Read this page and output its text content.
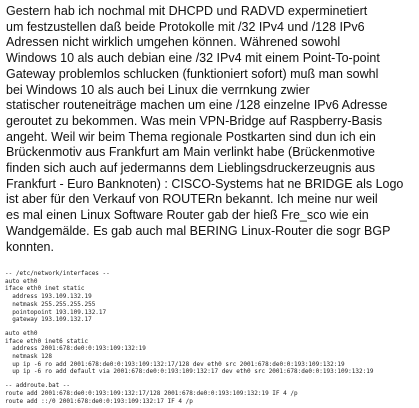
Gestern hab ich nochmal mit DHCPD und RADVD experminetiert
um festzustellen daß beide Protokolle mit /32 IPv4 und /128 IPv6
Adressen nicht wirklich umgehen können. Währened sowohl
Windows 10 als auch debian eine /32 IPv4 mit einem Point-To-point
Gateway problemlos schlucken (funktioniert sofort) muß man sowhl
bei Windows 10 als auch bei Linux die verrnkung zwier
statischer routeneiträge machen um eine /128 einzelne IPv6 Adresse
geroutet zu bekommen. Was mein VPN-Bridge auf Raspberry-Basis
angeht. Weil wir beim Thema regionale Postkarten sind dun ich ein
Brückenmotiv aus Frankfurt am Main verlinkt habe (Brückenmotive
finden sich auch auf jedermanns dem Lieblingsdruckerzeugnis aus
Frankfurt - Euro Banknoten) : CISCO-Systems hat ne BRIDGE als Logo
ist aber für den Verkauf von ROUTERn bekannt. Ich meine nur weil
es mal einen Linux Software Router gab der hieß Fre_sco wie ein
Wandgemälde. Es gab auch mal BERING Linux-Router die sogr BGP
konnten.
-- /etc/network/interfaces --
auto eth0
iface eth0 inet static
address 193.109.132.19
netmask 255.255.255.255
pointopoint 193.109.132.17
gateway 193.109.132.17

auto eth0
iface eth0 inet6 static
address 2001:678:de0:0:193:109:132:19
netmask 128
up ip -6 ro add 2001:678:de0:0:193:109:132:17/128 dev eth0 src 2001:678:de0:0:193:109:132:19
up ip -6 ro add default via 2001:678:de0:0:193:109:132:17 dev eth0 src 2001:678:de0:0:193:109:132:19

-- addroute.bat --
route add 2001:678:de0:0:193:109:132:17/128 2001:678:de0:0:193:109:132:19 IF 4 /p
route add ::/0 2001:678:de0:0:193:109:132:17 IF 4 /p
